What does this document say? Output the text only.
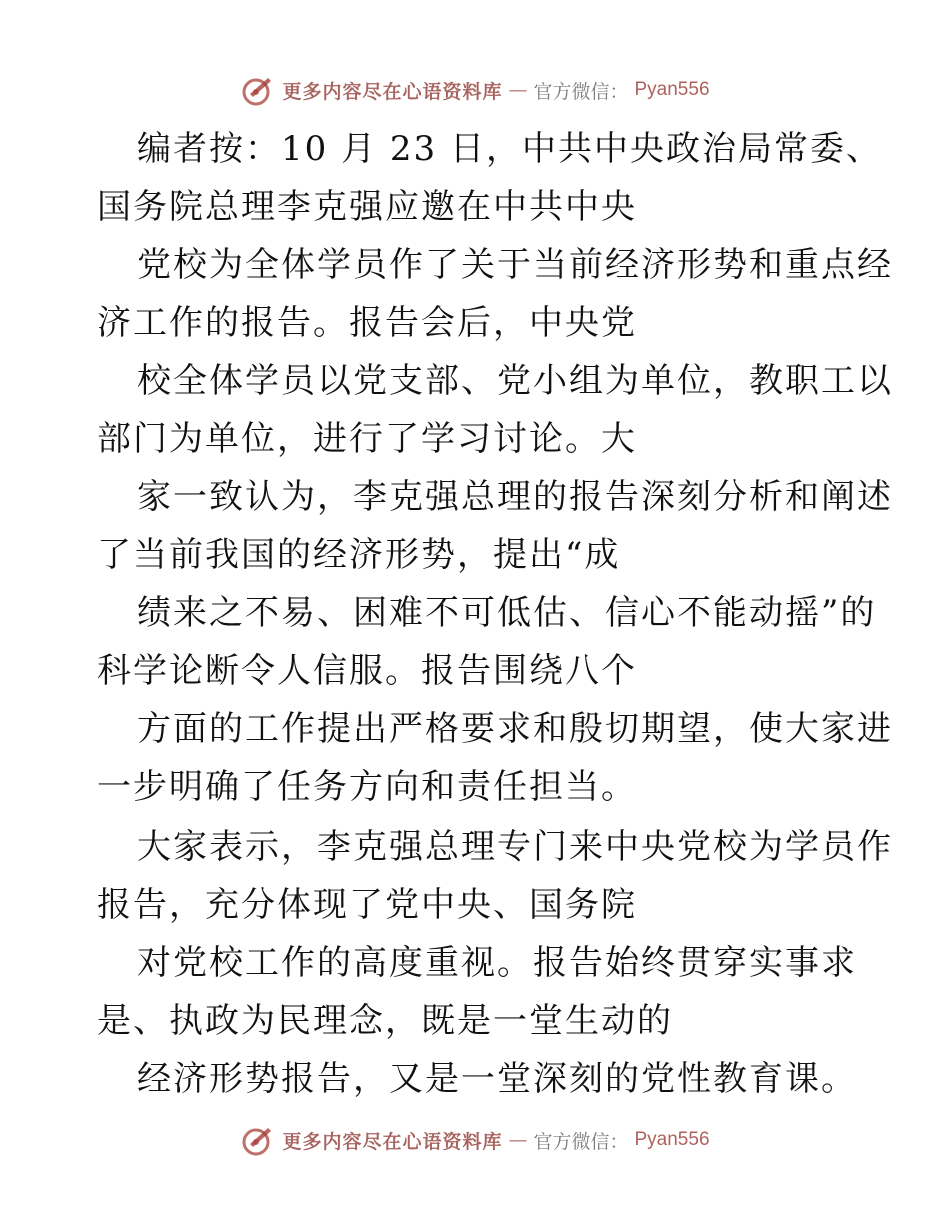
更多内容尽在心语资料库 — 官方微信： Pyan556
编者按：10 月 23 日，中共中央政治局常委、
国务院总理李克强应邀在中共中央
党校为全体学员作了关于当前经济形势和重点经
济工作的报告。报告会后，中央党
校全体学员以党支部、党小组为单位，教职工以
部门为单位，进行了学习讨论。大
家一致认为，李克强总理的报告深刻分析和阐述
了当前我国的经济形势，提出“成
绩来之不易、困难不可低估、信心不能动摇”的
科学论断令人信服。报告围绕八个
方面的工作提出严格要求和殷切期望，使大家进
一步明确了任务方向和责任担当。
大家表示，李克强总理专门来中央党校为学员作
报告，充分体现了党中央、国务院
对党校工作的高度重视。报告始终贯穿实事求
是、执政为民理念，既是一堂生动的
经济形势报告，又是一堂深刻的党性教育课。
更多内容尽在心语资料库 — 官方微信： Pyan556
